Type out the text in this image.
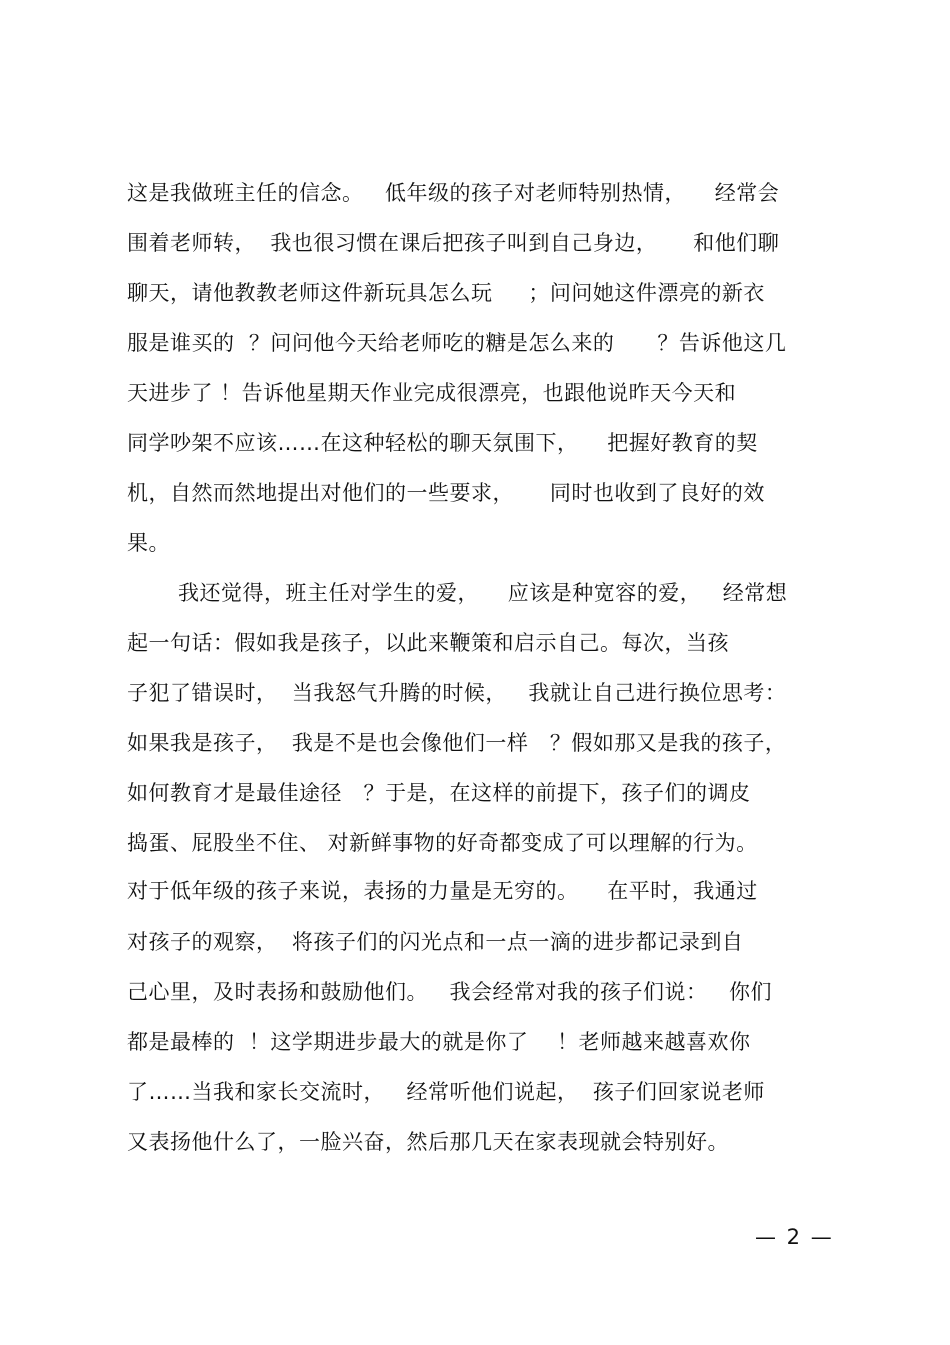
这是我做班主任的信念。   低年级的孩子对老师特别热情，    经常会
围着老师转，  我也很习惯在课后把孩子叫到自己身边，     和他们聊
聊天，请他教教老师这件新玩具怎么玩     ；问问她这件漂亮的新衣
服是谁买的  ？问问他今天给老师吃的糖是怎么来的      ？告诉他这几
天进步了 ！告诉他星期天作业完成很漂亮，也跟他说昨天今天和
同学吵架不应该……在这种轻松的聊天氛围下，    把握好教育的契
机，自然而然地提出对他们的一些要求，     同时也收到了良好的效
果。
我还觉得，班主任对学生的爱，    应该是种宽容的爱，   经常想
起一句话：假如我是孩子，以此来鞭策和启示自己。每次，当孩
子犯了错误时，  当我怒气升腾的时候，   我就让自己进行换位思考：
如果我是孩子，  我是不是也会像他们一样   ？假如那又是我的孩子，
如何教育才是最佳途径   ？于是，在这样的前提下，孩子们的调皮
捣蛋、屁股坐不住、 对新鲜事物的好奇都变成了可以理解的行为。
对于低年级的孩子来说，表扬的力量是无穷的。    在平时，我通过
对孩子的观察，  将孩子们的闪光点和一点一滴的进步都记录到自
己心里，及时表扬和鼓励他们。   我会经常对我的孩子们说：   你们
都是最棒的  ！这学期进步最大的就是你了    ！老师越来越喜欢你
了……当我和家长交流时，   经常听他们说起，  孩子们回家说老师
又表扬他什么了，一脸兴奋，然后那几天在家表现就会特别好。
— 2 —
